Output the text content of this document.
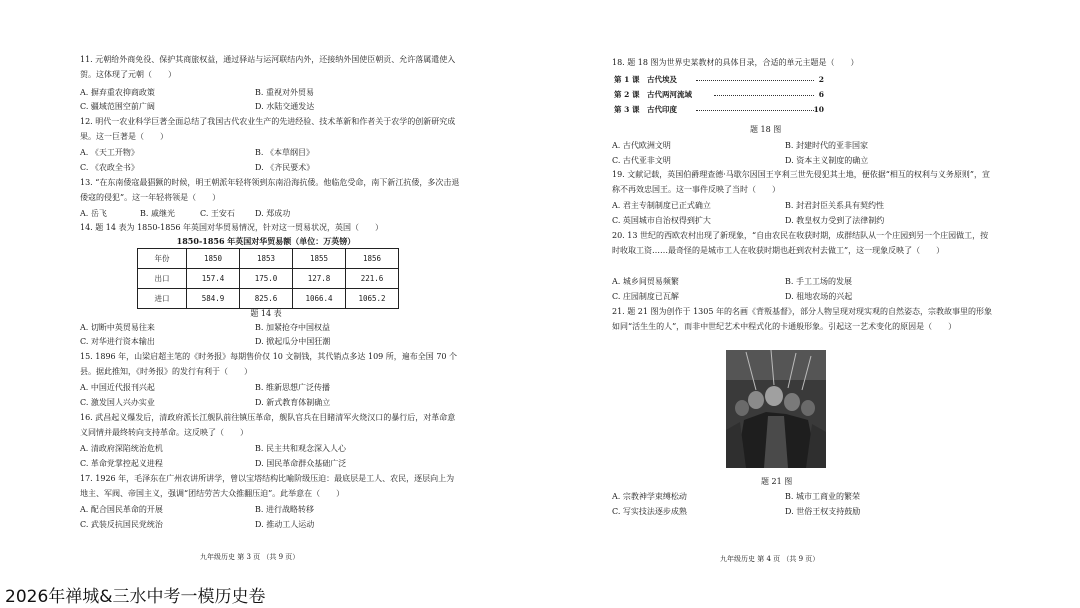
11. 元朝给外商免役、保护其商旅权益，通过驿站与运河联结内外，还接纳外国使臣朝贡、允许落属遣使入贺。这体现了元朝（　　）
A. 摒弃重农抑商政策	B. 重视对外贸易
C. 疆域范围空前广阔	D. 水陆交通发达
12. 明代一农业科学巨著全面总结了我国古代农业生产的先进经验、技术革新和作者关于农学的创新研究成果。这一巨著是（　　）
A. 《天工开物》	B. 《本草纲目》
C. 《农政全书》	D. 《齐民要术》
13. “在东南倭寇最猖獗的时候，明王朝派年轻将领到东南沿海抗倭。他临危受命，南下新江抗倭，多次击退倭寇的侵犯”。这一年轻将领是（　　）
A. 岳飞	B. 戚继光	C. 王安石	D. 郑成功
14. 题 14 表为 1850-1856 年英国对华贸易情况，针对这一贸易状况，英国（　　）
1850-1856 年英国对华贸易额（单位：万英镑）
年份	1850	1853	1855	1856
出口	157.4	175.0	127.8	221.6
进口	584.9	825.6	1066.4	1065.2
题 14 表
A. 切断中英贸易往来	B. 加紧抢夺中国权益
C. 对华进行资本输出	D. 掀起瓜分中国狂潮
15. 1896 年，山梁启超主笔的《时务报》每期售价仅 10 文制钱，其代销点多达 109 所，遍布全国 70 个县。据此推知，《时务报》的发行有利于（　　）
A. 中国近代报刊兴起	B. 维新思想广泛传播
C. 激发国人兴办实业	D. 新式教育体制确立
16. 武昌起义爆发后，清政府派长江舰队前往镇压革命，舰队官兵在目睹清军火烧汉口的暴行后，对革命意义同情并最终转向支持革命。这反映了（　　）
A. 清政府深陷统治危机	B. 民主共和观念深入人心
C. 革命党掌控起义进程	D. 国民革命群众基础广泛
17. 1926 年，毛泽东在广州农讲所讲学，曾以宝塔结构比喻阶级压迫：最底层是工人、农民，逐层向上为地主、军阀、帝国主义，强调“团结劳苦大众推翻压迫”。此举意在（　　）
A. 配合国民革命的开展	B. 进行战略转移
C. 武装反抗国民党统治	D. 推动工人运动
九年级历史 第 3 页 （共 9 页）
18. 题 18 图为世界史某教材的具体目录，合适的单元主题是（　　）
第 1 课　古代埃及	2
第 2 课　古代两河流域	6
第 3 课　古代印度	10
题 18 图
A. 古代欧洲文明	B. 封建时代的亚非国家
C. 古代亚非文明	D. 资本主义制度的确立
19. 文献记载，英国伯爵理查德·马歇尔因国王亨利三世先侵犯其土地，便依据“相互的权利与义务原则”，宣称不再效忠国王。这一事件反映了当时（　　）
A. 君主专制制度已正式确立	B. 封君封臣关系具有契约性
C. 英国城市自治权得到扩大	D. 教皇权力受到了法律制约
20. 13 世纪的西欧农村出现了新现象，“自由农民在收获时期，成群结队从一个庄园到另一个庄园做工，按时收取工资……最奇怪的是城市工人在收获时期也赶到农村去做工”，这一现象反映了（　　）
A. 城乡间贸易频繁	B. 手工工场的发展
C. 庄园制度已瓦解	D. 租地农场的兴起
21. 题 21 图为创作于 1305 年的名画《背叛基督》，部分人物呈现对现实观的自然姿态，宗教故事里的形象如同“活生生的人”，而非中世纪艺术中程式化的卡通般形象。引起这一艺术变化的原因是（　　）
题 21 图
A. 宗教神学束缚松动	B. 城市工商业的繁荣
C. 写实技法逐步成熟	D. 世俗王权支持鼓励
九年级历史 第 4 页 （共 9 页）
2026年禅城&三水中考一模历史卷
